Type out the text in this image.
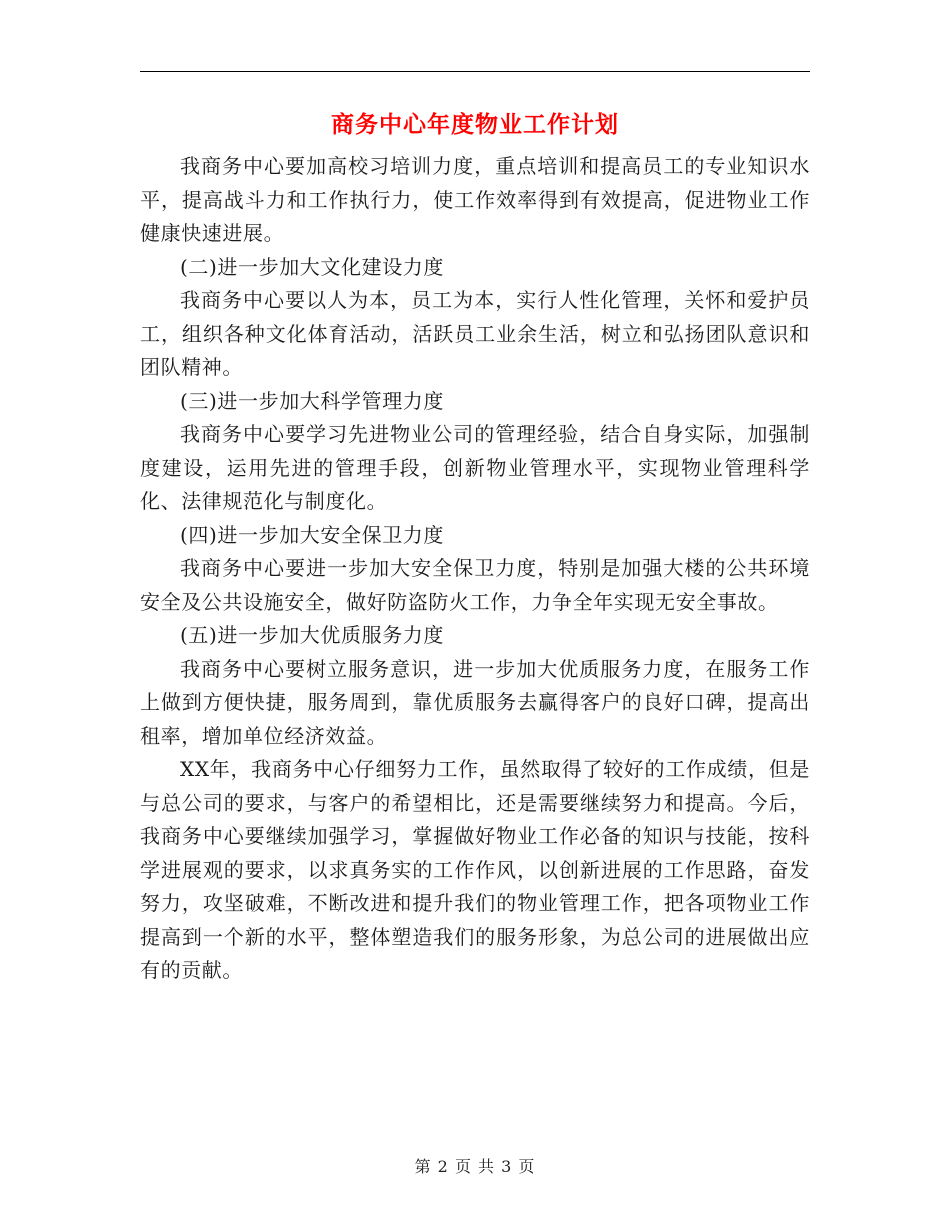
商务中心年度物业工作计划

我商务中心要加高校习培训力度，重点培训和提高员工的专业知识水平，提高战斗力和工作执行力，使工作效率得到有效提高，促进物业工作健康快速进展。

(二)进一步加大文化建设力度

我商务中心要以人为本，员工为本，实行人性化管理，关怀和爱护员工，组织各种文化体育活动，活跃员工业余生活，树立和弘扬团队意识和团队精神。

(三)进一步加大科学管理力度

我商务中心要学习先进物业公司的管理经验，结合自身实际，加强制度建设，运用先进的管理手段，创新物业管理水平，实现物业管理科学化、法律规范化与制度化。

(四)进一步加大安全保卫力度

我商务中心要进一步加大安全保卫力度，特别是加强大楼的公共环境安全及公共设施安全，做好防盗防火工作，力争全年实现无安全事故。

(五)进一步加大优质服务力度

我商务中心要树立服务意识，进一步加大优质服务力度，在服务工作上做到方便快捷，服务周到，靠优质服务去赢得客户的良好口碑，提高出租率，增加单位经济效益。

XX年，我商务中心仔细努力工作，虽然取得了较好的工作成绩，但是与总公司的要求，与客户的希望相比，还是需要继续努力和提高。今后，我商务中心要继续加强学习，掌握做好物业工作必备的知识与技能，按科学进展观的要求，以求真务实的工作作风，以创新进展的工作思路，奋发努力，攻坚破难，不断改进和提升我们的物业管理工作，把各项物业工作提高到一个新的水平，整体塑造我们的服务形象，为总公司的进展做出应有的贡献。

第 2 页 共 3 页
